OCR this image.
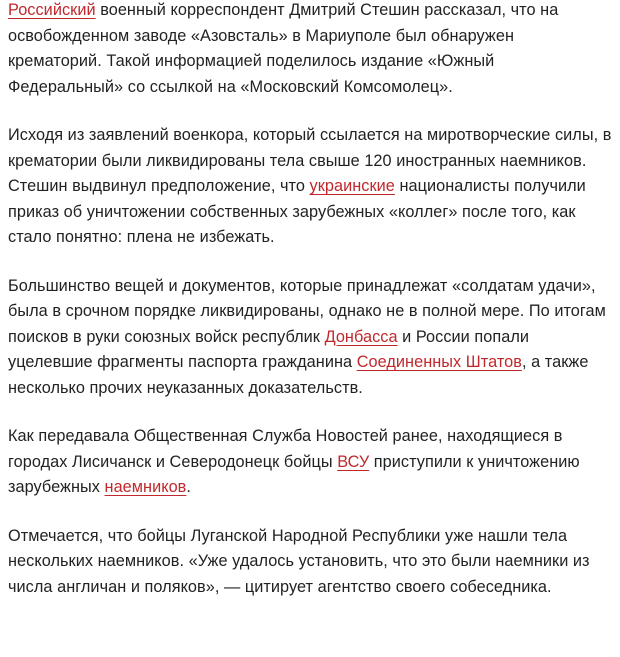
Российский военный корреспондент Дмитрий Стешин рассказал, что на освобожденном заводе «Азовсталь» в Мариуполе был обнаружен крематорий. Такой информацией поделилось издание «Южный Федеральный» со ссылкой на «Московский Комсомолец».

Исходя из заявлений военкора, который ссылается на миротворческие силы, в крематории были ликвидированы тела свыше 120 иностранных наемников. Стешин выдвинул предположение, что украинские националисты получили приказ об уничтожении собственных зарубежных «коллег» после того, как стало понятно: плена не избежать.

Большинство вещей и документов, которые принадлежат «солдатам удачи», была в срочном порядке ликвидированы, однако не в полной мере. По итогам поисков в руки союзных войск республик Донбасса и России попали уцелевшие фрагменты паспорта гражданина Соединенных Штатов, а также несколько прочих неуказанных доказательств.

Как передавала Общественная Служба Новостей ранее, находящиеся в городах Лисичанск и Северодонецк бойцы ВСУ приступили к уничтожению зарубежных наемников.

Отмечается, что бойцы Луганской Народной Республики уже нашли тела нескольких наемников. «Уже удалось установить, что это были наемники из числа англичан и поляков», — цитирует агентство своего собеседника.
